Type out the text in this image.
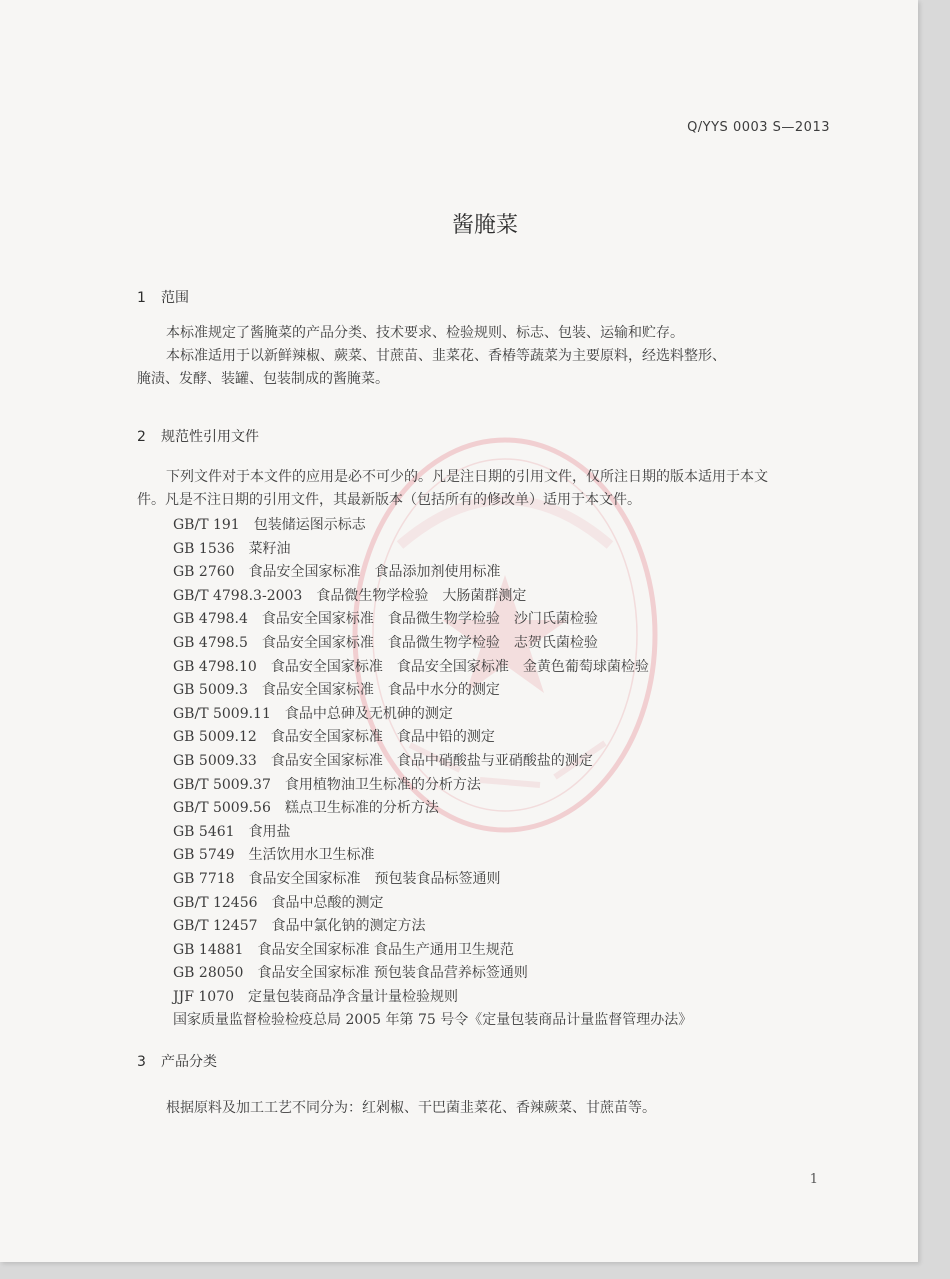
Q/YYS 0003 S—2013
酱腌菜
1 范围
本标准规定了酱腌菜的产品分类、技术要求、检验规则、标志、包装、运输和贮存。
本标准适用于以新鲜辣椒、蕨菜、甘蔗苗、韭菜花、香椿等蔬菜为主要原料，经选料整形、
腌渍、发酵、装罐、包装制成的酱腌菜。
2 规范性引用文件
下列文件对于本文件的应用是必不可少的。凡是注日期的引用文件，仅所注日期的版本适用于本文
件。凡是不注日期的引用文件，其最新版本（包括所有的修改单）适用于本文件。
GB/T 191 包装储运图示标志
GB 1536 菜籽油
GB 2760 食品安全国家标准　食品添加剂使用标准
GB/T 4798.3-2003 食品微生物学检验　大肠菌群测定
GB 4798.4 食品安全国家标准　食品微生物学检验　沙门氏菌检验
GB 4798.5 食品安全国家标准　食品微生物学检验　志贺氏菌检验
GB 4798.10 食品安全国家标准　食品安全国家标准　金黄色葡萄球菌检验
GB 5009.3 食品安全国家标准　食品中水分的测定
GB/T 5009.11 食品中总砷及无机砷的测定
GB 5009.12 食品安全国家标准　食品中铅的测定
GB 5009.33 食品安全国家标准　食品中硝酸盐与亚硝酸盐的测定
GB/T 5009.37 食用植物油卫生标准的分析方法
GB/T 5009.56 糕点卫生标准的分析方法
GB 5461 食用盐
GB 5749 生活饮用水卫生标准
GB 7718 食品安全国家标准　预包装食品标签通则
GB/T 12456 食品中总酸的测定
GB/T 12457 食品中氯化钠的测定方法
GB 14881 食品安全国家标准 食品生产通用卫生规范
GB 28050 食品安全国家标准 预包装食品营养标签通则
JJF 1070 定量包装商品净含量计量检验规则
国家质量监督检验检疫总局 2005 年第 75 号令《定量包装商品计量监督管理办法》
3 产品分类
根据原料及加工工艺不同分为：红剁椒、干巴菌韭菜花、香辣蕨菜、甘蔗苗等。
1
